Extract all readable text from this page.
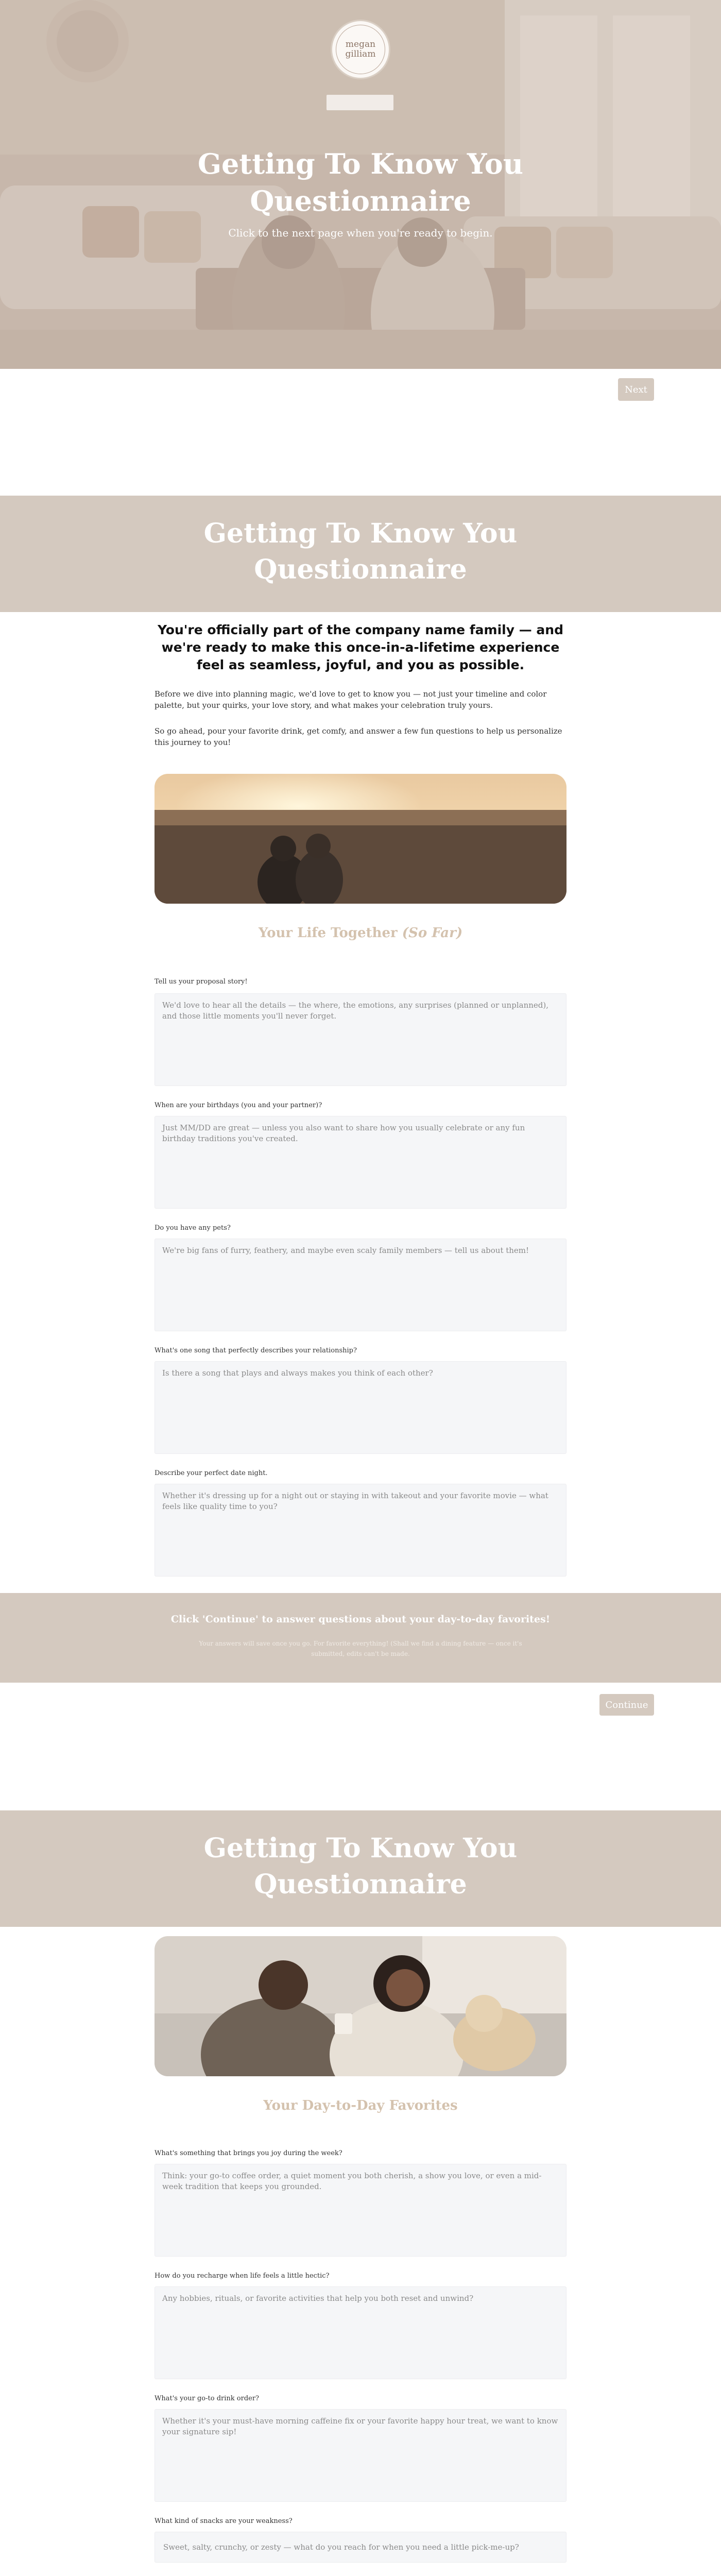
megan
gilliam
Getting To Know You Questionnaire

Click to the next page when you're ready to begin.

Next
Getting To Know You Questionnaire

You're officially part of the company name family — and we're ready to make this once-in-a-lifetime experience feel as seamless, joyful, and you as possible.

Before we dive into planning magic, we'd love to get to know you — not just your timeline and color palette, but your quirks, your love story, and what makes your celebration truly yours.

So go ahead, pour your favorite drink, get comfy, and answer a few fun questions to help us personalize this journey to you!

Your Life Together (So Far)
Tell us your proposal story!
We'd love to hear all the details — the where, the emotions, any surprises (planned or unplanned), and those little moments you'll never forget.
When are your birthdays (you and your partner)?
Just MM/DD are great — unless you also want to share how you usually celebrate or any fun birthday traditions you've created.
Do you have any pets?
We're big fans of furry, feathery, and maybe even scaly family members — tell us about them!
What's one song that perfectly describes your relationship?
Is there a song that plays and always makes you think of each other?
Describe your perfect date night.
Whether it's dressing up for a night out or staying in with takeout and your favorite movie — what feels like quality time to you?

Click 'Continue' to answer questions about your day-to-day favorites!

Your answers will save once you go. For favorite everything! (Shall we find a dining feature — once it's submitted, edits can't be made.

Continue
Getting To Know You Questionnaire
Your Day-to-Day Favorites
What's something that brings you joy during the week?
Think: your go-to coffee order, a quiet moment you both cherish, a show you love, or even a mid-week tradition that keeps you grounded.
How do you recharge when life feels a little hectic?
Any hobbies, rituals, or favorite activities that help you both reset and unwind?
What's your go-to drink order?
Whether it's your must-have morning caffeine fix or your favorite happy hour treat, we want to know your signature sip!
What kind of snacks are your weakness?
Sweet, salty, crunchy, or zesty — what do you reach for when you need a little pick-me-up?
